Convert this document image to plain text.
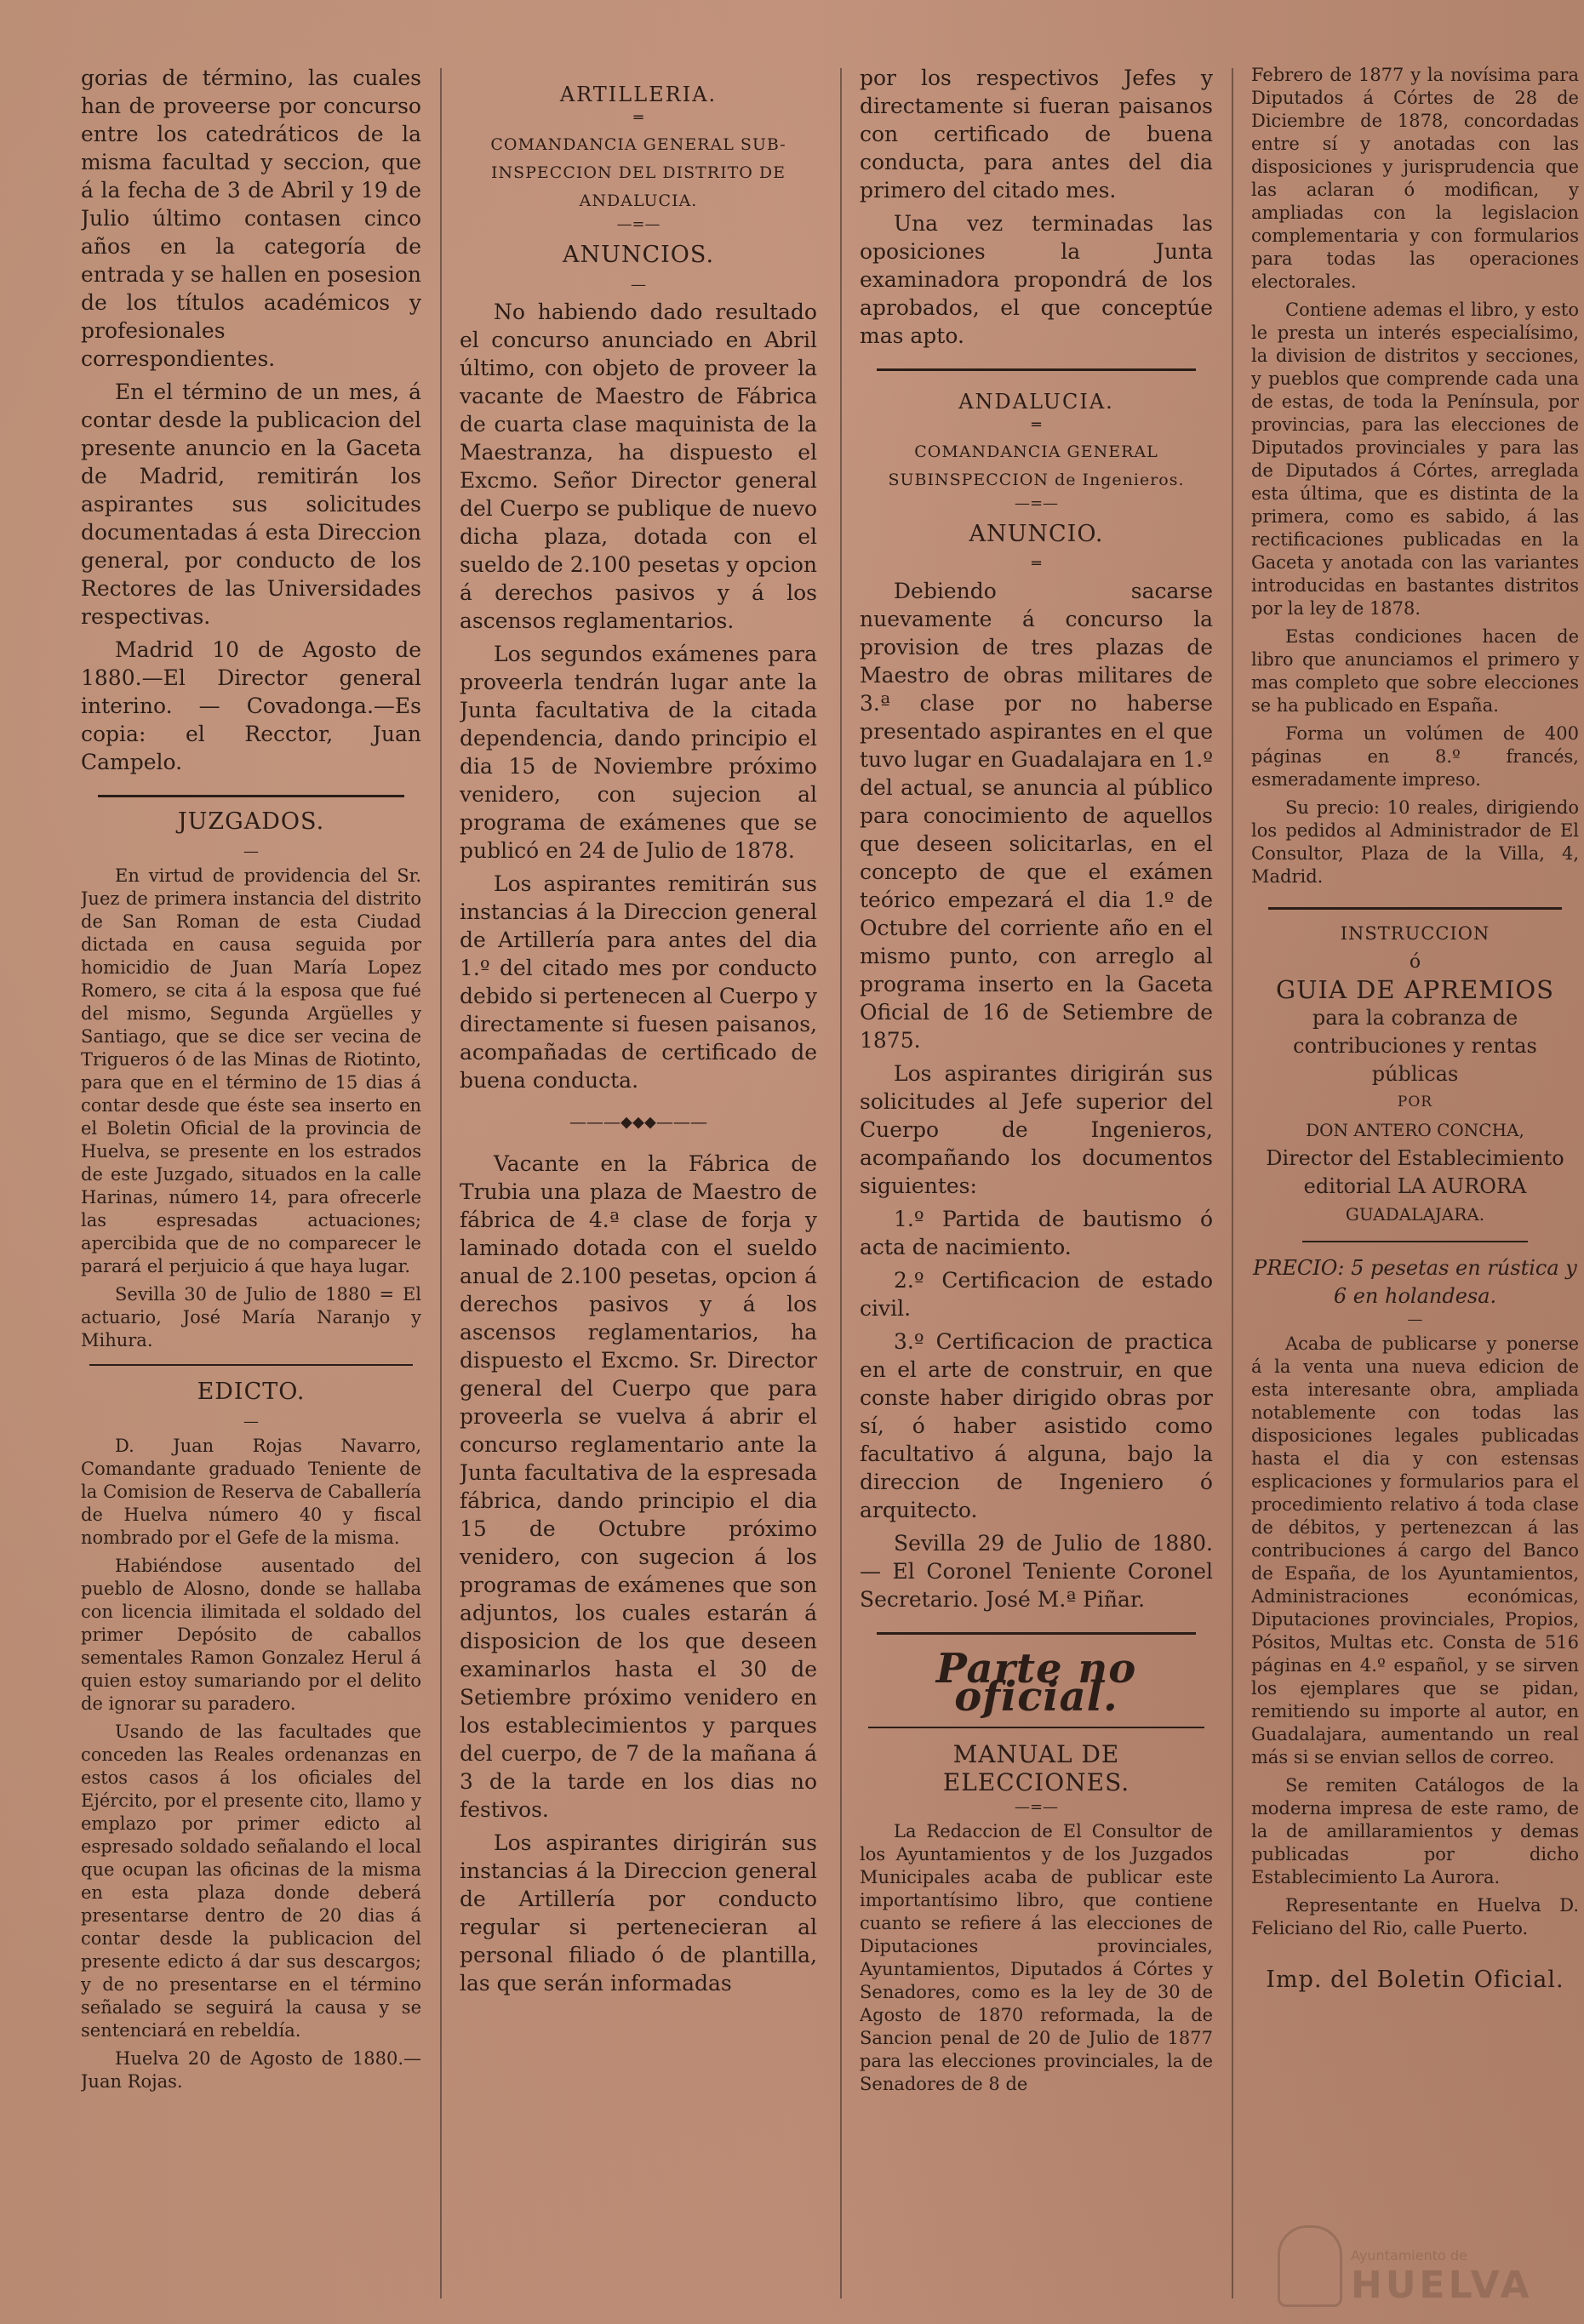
gorias de término, las cuales han de proveerse por concurso entre los catedráticos de la misma facultad y seccion, que á la fecha de 3 de Abril y 19 de Julio último contasen cinco años en la categoría de entrada y se hallen en posesion de los títulos académicos y profesionales correspondientes.

En el término de un mes, á contar desde la publicacion del presente anuncio en la Gaceta de Madrid, remitirán los aspirantes sus solicitudes documentadas á esta Direccion general, por conducto de los Rectores de las Universidades respectivas.

Madrid 10 de Agosto de 1880.—El Director general interino. — Covadonga.—Es copia: el Recctor, Juan Campelo.

JUZGADOS.
—

En virtud de providencia del Sr. Juez de primera instancia del distrito de San Roman de esta Ciudad dictada en causa seguida por homicidio de Juan María Lopez Romero, se cita á la esposa que fué del mismo, Segunda Argüelles y Santiago, que se dice ser vecina de Trigueros ó de las Minas de Riotinto, para que en el término de 15 dias á contar desde que éste sea inserto en el Boletin Oficial de la provincia de Huelva, se presente en los estrados de este Juzgado, situados en la calle Harinas, número 14, para ofrecerle las espresadas actuaciones; apercibida que de no comparecer le parará el perjuicio á que haya lugar.

Sevilla 30 de Julio de 1880 = El actuario, José María Naranjo y Mihura.

EDICTO.
—

D. Juan Rojas Navarro, Comandante graduado Teniente de la Comision de Reserva de Caballería de Huelva número 40 y fiscal nombrado por el Gefe de la misma.

Habiéndose ausentado del pueblo de Alosno, donde se hallaba con licencia ilimitada el soldado del primer Depósito de caballos sementales Ramon Gonzalez Herul á quien estoy sumariando por el delito de ignorar su paradero.

Usando de las facultades que conceden las Reales ordenanzas en estos casos á los oficiales del Ejército, por el presente cito, llamo y emplazo por primer edicto al espresado soldado señalando el local que ocupan las oficinas de la misma en esta plaza donde deberá presentarse dentro de 20 dias á contar desde la publicacion del presente edicto á dar sus descargos; y de no presentarse en el término señalado se seguirá la causa y se sentenciará en rebeldía.

Huelva 20 de Agosto de 1880.— Juan Rojas.

ARTILLERIA.
═
COMANDANCIA GENERAL SUB-INSPECCION DEL DISTRITO DE ANDALUCIA.
—=—
ANUNCIOS.
—

No habiendo dado resultado el concurso anunciado en Abril último, con objeto de proveer la vacante de Maestro de Fábrica de cuarta clase maquinista de la Maestranza, ha dispuesto el Excmo. Señor Director general del Cuerpo se publique de nuevo dicha plaza, dotada con el sueldo de 2.100 pesetas y opcion á derechos pasivos y á los ascensos reglamentarios.

Los segundos exámenes para proveerla tendrán lugar ante la Junta facultativa de la citada dependencia, dando principio el dia 15 de Noviembre próximo venidero, con sujecion al programa de exámenes que se publicó en 24 de Julio de 1878.

Los aspirantes remitirán sus instancias á la Direccion general de Artillería para antes del dia 1.º del citado mes por conducto debido si pertenecen al Cuerpo y directamente si fuesen paisanos, acompañadas de certificado de buena conducta.

———⬥⬥⬥———

Vacante en la Fábrica de Trubia una plaza de Maestro de fábrica de 4.ª clase de forja y laminado dotada con el sueldo anual de 2.100 pesetas, opcion á derechos pasivos y á los ascensos reglamentarios, ha dispuesto el Excmo. Sr. Director general del Cuerpo que para proveerla se vuelva á abrir el concurso reglamentario ante la Junta facultativa de la espresada fábrica, dando principio el dia 15 de Octubre próximo venidero, con sugecion á los programas de exámenes que son adjuntos, los cuales estarán á disposicion de los que deseen examinarlos hasta el 30 de Setiembre próximo venidero en los establecimientos y parques del cuerpo, de 7 de la mañana á 3 de la tarde en los dias no festivos.

Los aspirantes dirigirán sus instancias á la Direccion general de Artillería por conducto regular si pertenecieran al personal filiado ó de plantilla, las que serán informadas

por los respectivos Jefes y directamente si fueran paisanos con certificado de buena conducta, para antes del dia primero del citado mes.

Una vez terminadas las oposiciones la Junta examinadora propondrá de los aprobados, el que conceptúe mas apto.

ANDALUCIA.
═
COMANDANCIA GENERAL SUBINSPECCION de Ingenieros.
—=—
ANUNCIO.
═

Debiendo sacarse nuevamente á concurso la provision de tres plazas de Maestro de obras militares de 3.ª clase por no haberse presentado aspirantes en el que tuvo lugar en Guadalajara en 1.º del actual, se anuncia al público para conocimiento de aquellos que deseen solicitarlas, en el concepto de que el exámen teórico empezará el dia 1.º de Octubre del corriente año en el mismo punto, con arreglo al programa inserto en la Gaceta Oficial de 16 de Setiembre de 1875.

Los aspirantes dirigirán sus solicitudes al Jefe superior del Cuerpo de Ingenieros, acompañando los documentos siguientes:

1.º Partida de bautismo ó acta de nacimiento.

2.º Certificacion de estado civil.

3.º Certificacion de practica en el arte de construir, en que conste haber dirigido obras por sí, ó haber asistido como facultativo á alguna, bajo la direccion de Ingeniero ó arquitecto.

Sevilla 29 de Julio de 1880. — El Coronel Teniente Coronel Secretario. José M.ª Piñar.

Parte no oficial.
MANUAL DE ELECCIONES.
—=—

La Redaccion de El Consultor de los Ayuntamientos y de los Juzgados Municipales acaba de publicar este importantísimo libro, que contiene cuanto se refiere á las elecciones de Diputaciones provinciales, Ayuntamientos, Diputados á Córtes y Senadores, como es la ley de 30 de Agosto de 1870 reformada, la de Sancion penal de 20 de Julio de 1877 para las elecciones provinciales, la de Senadores de 8 de

Febrero de 1877 y la novísima para Diputados á Córtes de 28 de Diciembre de 1878, concordadas entre sí y anotadas con las disposiciones y jurisprudencia que las aclaran ó modifican, y ampliadas con la legislacion complementaria y con formularios para todas las operaciones electorales.

Contiene ademas el libro, y esto le presta un interés especialísimo, la division de distritos y secciones, y pueblos que comprende cada una de estas, de toda la Península, por provincias, para las elecciones de Diputados provinciales y para las de Diputados á Córtes, arreglada esta última, que es distinta de la primera, como es sabido, á las rectificaciones publicadas en la Gaceta y anotada con las variantes introducidas en bastantes distritos por la ley de 1878.

Estas condiciones hacen de libro que anunciamos el primero y mas completo que sobre elecciones se ha publicado en España.

Forma un volúmen de 400 páginas en 8.º francés, esmeradamente impreso.

Su precio: 10 reales, dirigiendo los pedidos al Administrador de El Consultor, Plaza de la Villa, 4, Madrid.

INSTRUCCION
ó
GUIA DE APREMIOS
para la cobranza de contribuciones y rentas públicas
POR
DON ANTERO CONCHA,
Director del Establecimiento editorial LA AURORA
GUADALAJARA.
PRECIO: 5 pesetas en rústica y 6 en holandesa.
—

Acaba de publicarse y ponerse á la venta una nueva edicion de esta interesante obra, ampliada notablemente con todas las disposiciones legales publicadas hasta el dia y con estensas esplicaciones y formularios para el procedimiento relativo á toda clase de débitos, y pertenezcan á las contribuciones á cargo del Banco de España, de los Ayuntamientos, Administraciones económicas, Diputaciones provinciales, Propios, Pósitos, Multas etc. Consta de 516 páginas en 4.º español, y se sirven los ejemplares que se pidan, remitiendo su importe al autor, en Guadalajara, aumentando un real más si se envian sellos de correo.

Se remiten Catálogos de la moderna impresa de este ramo, de la de amillaramientos y demas publicadas por dicho Establecimiento La Aurora.

Representante en Huelva D. Feliciano del Rio, calle Puerto.

Imp. del Boletin Oficial.
Ayuntamiento de
HUELVA
